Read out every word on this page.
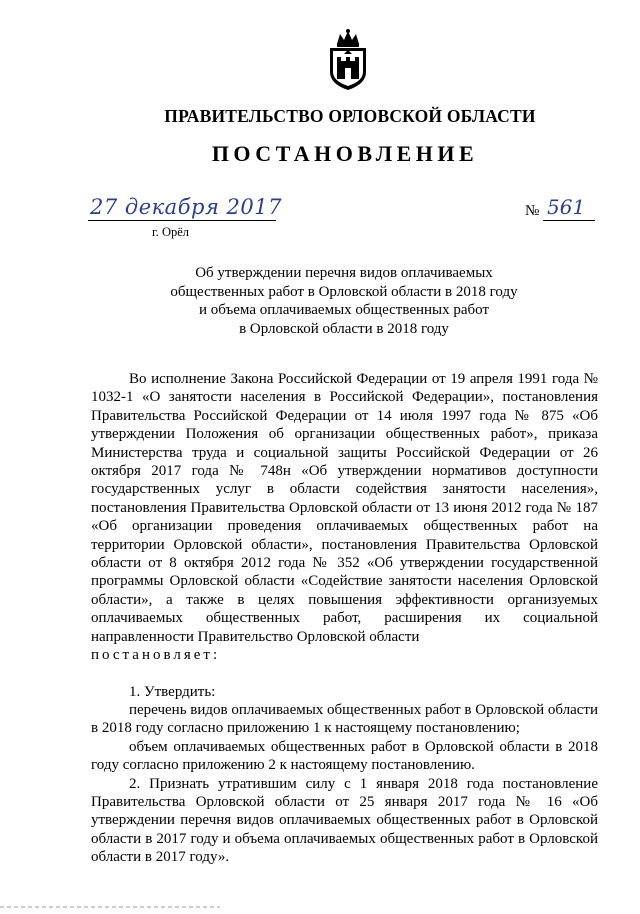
ПРАВИТЕЛЬСТВО ОРЛОВСКОЙ ОБЛАСТИ
ПОСТАНОВЛЕНИЕ
27 декабря 2017
г. Орёл
№ 561
Об утверждении перечня видов оплачиваемых
общественных работ в Орловской области в 2018 году
и объема оплачиваемых общественных работ
в Орловской области в 2018 году

Во исполнение Закона Российской Федерации от 19 апреля 1991 года № 1032-1 «О занятости населения в Российской Федерации», постановления Правительства Российской Федерации от 14 июля 1997 года № 875 «Об утверждении Положения об организации общественных работ», приказа Министерства труда и социальной защиты Российской Федерации от 26 октября 2017 года № 748н «Об утверждении нормативов доступности государственных услуг в области содействия занятости населения», постановления Правительства Орловской области от 13 июня 2012 года № 187 «Об организации проведения оплачиваемых общественных работ на территории Орловской области», постановления Правительства Орловской области от 8 октября 2012 года № 352 «Об утверждении государственной программы Орловской области «Содействие занятости населения Орловской области», а также в целях повышения эффективности организуемых оплачиваемых общественных работ, расширения их социальной направленности Правительство Орловской области

постановляет:

1. Утвердить:

перечень видов оплачиваемых общественных работ в Орловской области в 2018 году согласно приложению 1 к настоящему постановлению;

объем оплачиваемых общественных работ в Орловской области в 2018 году согласно приложению 2 к настоящему постановлению.

2. Признать утратившим силу с 1 января 2018 года постановление Правительства Орловской области от 25 января 2017 года № 16 «Об утверждении перечня видов оплачиваемых общественных работ в Орловской области в 2017 году и объема оплачиваемых общественных работ в Орловской области в 2017 году».
